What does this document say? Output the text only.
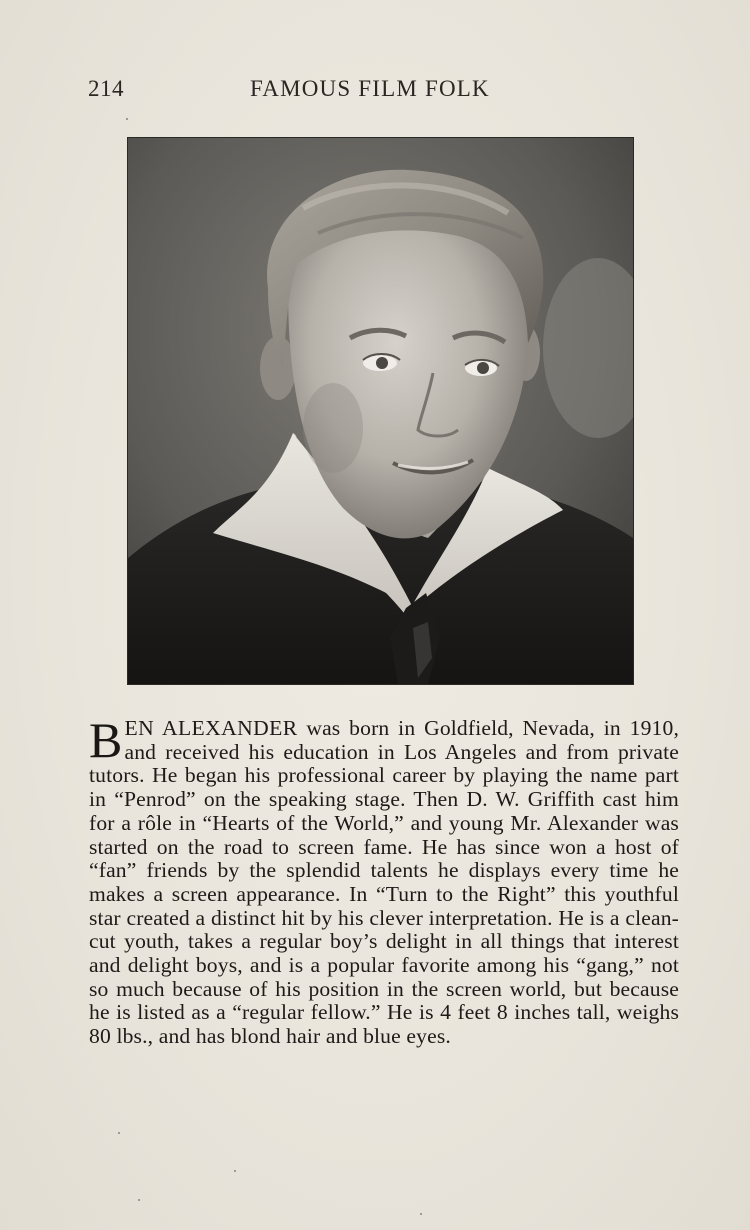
214	FAMOUS FILM FOLK
BEN ALEXANDER was born in Goldfield, Nevada, in 1910, and received his education in Los Angeles and from private tutors. He began his professional career by playing the name part in “Penrod” on the speaking stage. Then D. W. Griffith cast him for a rôle in “Hearts of the World,” and young Mr. Alexander was started on the road to screen fame. He has since won a host of “fan” friends by the splendid talents he displays every time he makes a screen appearance. In “Turn to the Right” this youthful star created a distinct hit by his clever interpretation. He is a clean-cut youth, takes a regular boy’s delight in all things that interest and delight boys, and is a popular favorite among his “gang,” not so much because of his position in the screen world, but because he is listed as a “regular fellow.” He is 4 feet 8 inches tall, weighs 80 lbs., and has blond hair and blue eyes.
